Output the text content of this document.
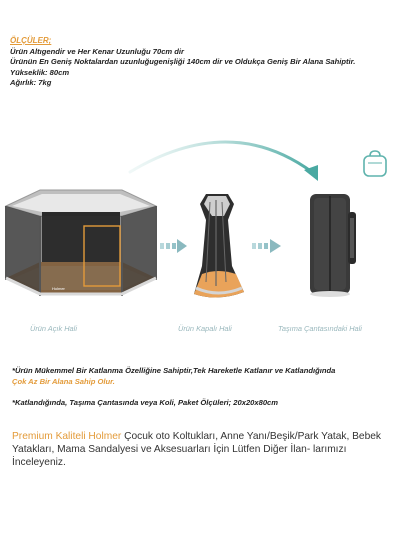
ÖLÇÜLER;
Ürün Altıgendir ve Her Kenar Uzunluğu 70cm dir
Ürünün En Geniş Noktalardan uzunluğugenişliği 140cm dir ve Oldukça Geniş Bir Alana Sahiptir.
Yükseklik: 80cm
Ağırlık: 7kg
Holmer
Ürün Açık Hali	Ürün Kapalı Hali	Taşıma Çantasındaki Hali
*Ürün Mükemmel Bir Katlanma Özelliğine Sahiptir,Tek Hareketle Katlanır ve Katlandığında
Çok Az Bir Alana Sahip Olur.
*Katlandığında, Taşıma Çantasında veya Koli, Paket Ölçüleri; 20x20x80cm
Premium Kaliteli Holmer Çocuk oto Koltukları, Anne Yanı/Beşik/Park Yatak, Bebek Yatakları, Mama Sandalyesi ve Aksesuarları İçin Lütfen Diğer İlan- larımızı İnceleyeniz.
